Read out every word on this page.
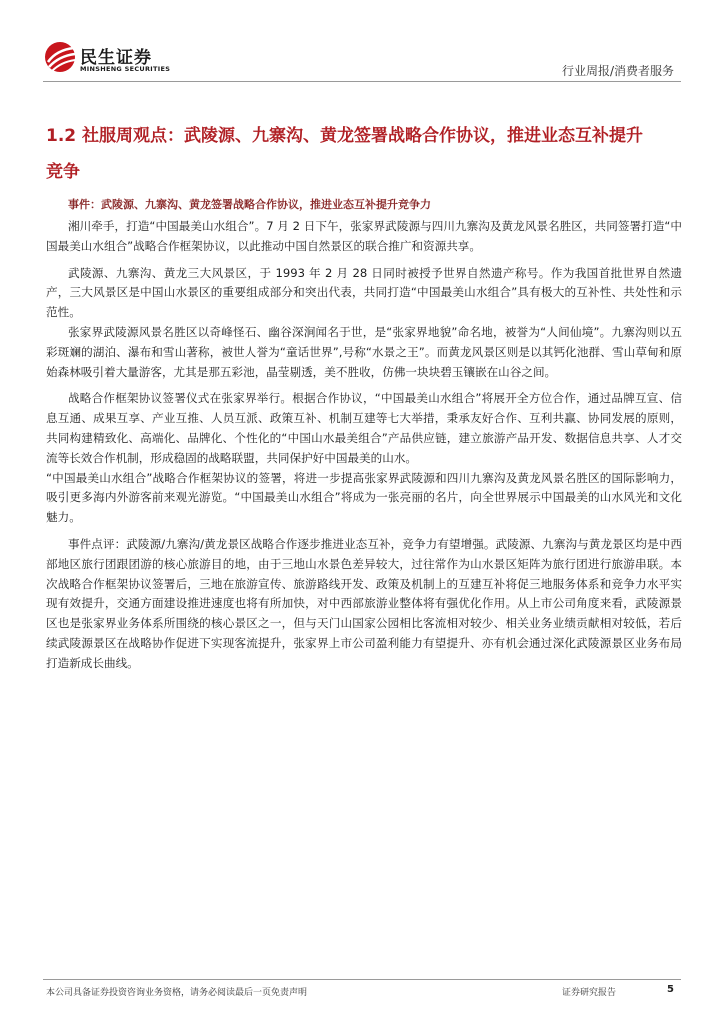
民生证券
MINSHENG SECURITIES	行业周报/消费者服务
1.2 社服周观点：武陵源、九寨沟、黄龙签署战略合作协议，推进业态互补提升竞争
事件：武陵源、九寨沟、黄龙签署战略合作协议，推进业态互补提升竞争力

湘川牵手，打造“中国最美山水组合”。7 月 2 日下午，张家界武陵源与四川九寨沟及黄龙风景名胜区，共同签署打造“中国最美山水组合”战略合作框架协议，以此推动中国自然景区的联合推广和资源共享。

武陵源、九寨沟、黄龙三大风景区，于 1993 年 2 月 28 日同时被授予世界自然遗产称号。作为我国首批世界自然遗产，三大风景区是中国山水景区的重要组成部分和突出代表，共同打造“中国最美山水组合”具有极大的互补性、共处性和示范性。

张家界武陵源风景名胜区以奇峰怪石、幽谷深涧闻名于世，是“张家界地貌”命名地，被誉为“人间仙境”。九寨沟则以五彩斑斓的湖泊、瀑布和雪山著称，被世人誉为“童话世界”,号称“水景之王”。而黄龙风景区则是以其钙化池群、雪山草甸和原始森林吸引着大量游客，尤其是那五彩池，晶莹剔透，美不胜收，仿佛一块块碧玉镶嵌在山谷之间。

战略合作框架协议签署仪式在张家界举行。根据合作协议，“中国最美山水组合”将展开全方位合作，通过品牌互宣、信息互通、成果互享、产业互推、人员互派、政策互补、机制互建等七大举措，秉承友好合作、互利共赢、协同发展的原则，共同构建精致化、高端化、品牌化、个性化的“中国山水最美组合”产品供应链，建立旅游产品开发、数据信息共享、人才交流等长效合作机制，形成稳固的战略联盟，共同保护好中国最美的山水。

“中国最美山水组合”战略合作框架协议的签署，将进一步提高张家界武陵源和四川九寨沟及黄龙风景名胜区的国际影响力，吸引更多海内外游客前来观光游览。“中国最美山水组合”将成为一张亮丽的名片，向全世界展示中国最美的山水风光和文化魅力。

事件点评：武陵源/九寨沟/黄龙景区战略合作逐步推进业态互补，竞争力有望增强。武陵源、九寨沟与黄龙景区均是中西部地区旅行团跟团游的核心旅游目的地，由于三地山水景色差异较大，过往常作为山水景区矩阵为旅行团进行旅游串联。本次战略合作框架协议签署后，三地在旅游宣传、旅游路线开发、政策及机制上的互建互补将促三地服务体系和竞争力水平实现有效提升，交通方面建设推进速度也将有所加快，对中西部旅游业整体将有强优化作用。从上市公司角度来看，武陵源景区也是张家界业务体系所围绕的核心景区之一，但与天门山国家公园相比客流相对较少、相关业务业绩贡献相对较低，若后续武陵源景区在战略协作促进下实现客流提升，张家界上市公司盈利能力有望提升、亦有机会通过深化武陵源景区业务布局打造新成长曲线。

本公司具备证券投资咨询业务资格，请务必阅读最后一页免责声明	证券研究报告	5
